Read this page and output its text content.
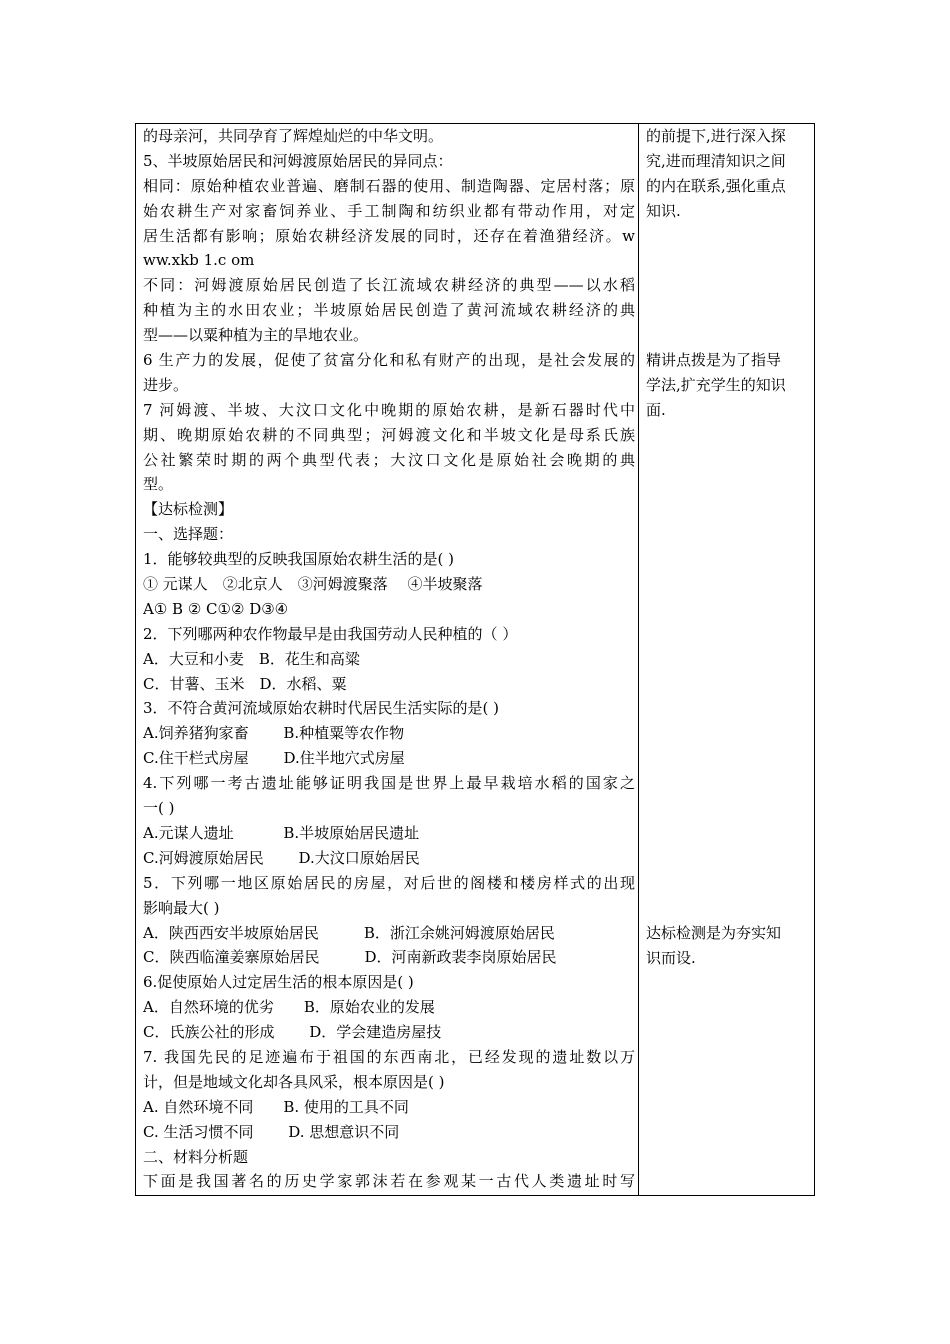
的母亲河，共同孕育了辉煌灿烂的中华文明。
5、半坡原始居民和河姆渡原始居民的异同点：
相同：原始种植农业普遍、磨制石器的使用、制造陶器、定居村落；原
始农耕生产对家畜饲养业、手工制陶和纺织业都有带动作用，对定
居生活都有影响；原始农耕经济发展的同时，还存在着渔猎经济。w
ww.xkb 1.c om
不同：河姆渡原始居民创造了长江流域农耕经济的典型——以水稻
种植为主的水田农业；半坡原始居民创造了黄河流域农耕经济的典
型——以粟种植为主的旱地农业。
6 生产力的发展，促使了贫富分化和私有财产的出现，是社会发展的
进步。
7 河姆渡、半坡、大汶口文化中晚期的原始农耕，是新石器时代中
期、晚期原始农耕的不同典型；河姆渡文化和半坡文化是母系氏族
公社繁荣时期的两个典型代表；大汶口文化是原始社会晚期的典
型。
【达标检测】
一、选择题：
1．能够较典型的反映我国原始农耕生活的是( )
① 元谋人　②北京人　③河姆渡聚落　 ④半坡聚落
A① B ② C①② D③④
2．下列哪两种农作物最早是由我国劳动人民种植的（ ）
A．大豆和小麦　B．花生和高粱
C．甘薯、玉米　D．水稻、粟
3．不符合黄河流域原始农耕时代居民生活实际的是( )
A.饲养猪狗家畜　　 B.种植粟等农作物
C.住干栏式房屋　　 D.住半地穴式房屋
4.下列哪一考古遗址能够证明我国是世界上最早栽培水稻的国家之
一( )
A.元谋人遗址　　　 B.半坡原始居民遗址
C.河姆渡原始居民　　 D.大汶口原始居民
5．下列哪一地区原始居民的房屋，对后世的阁楼和楼房样式的出现
影响最大( )
A．陕西西安半坡原始居民　　　B．浙江余姚河姆渡原始居民
C．陕西临潼姜寨原始居民　　　D．河南新政裴李岗原始居民
6.促使原始人过定居生活的根本原因是( )
A．自然环境的优劣　　B．原始农业的发展
C．氏族公社的形成　　 D．学会建造房屋技
7. 我国先民的足迹遍布于祖国的东西南北，已经发现的遗址数以万
计，但是地域文化却各具风采，根本原因是( )
A. 自然环境不同　　B. 使用的工具不同
C. 生活习惯不同　　 D. 思想意识不同
二、材料分析题
下面是我国著名的历史学家郭沫若在参观某一古代人类遗址时写
的前提下,进行深入探
究,进而理清知识之间
的内在联系,强化重点
知识.
精讲点拨是为了指导
学法,扩充学生的知识
面.
达标检测是为夯实知
识而设.
